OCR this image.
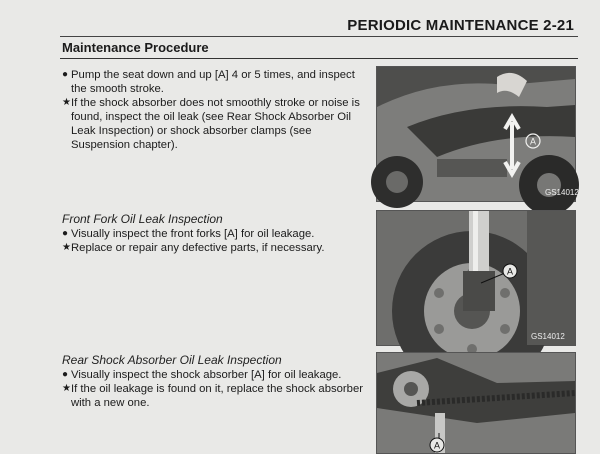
PERIODIC MAINTENANCE 2-21
Maintenance Procedure

● Pump the seat down and up [A] 4 or 5 times, and inspect the smooth stroke.

★ If the shock absorber does not smoothly stroke or noise is found, inspect the oil leak (see Rear Shock Absorber Oil Leak Inspection) or shock absorber clamps (see Suspension chapter).

Front Fork Oil Leak Inspection

● Visually inspect the front forks [A] for oil leakage.

★ Replace or repair any defective parts, if necessary.

Rear Shock Absorber Oil Leak Inspection

● Visually inspect the shock absorber [A] for oil leakage.

★ If the oil leakage is found on it, replace the shock absorber with a new one.

A
GS14012
A
GS14012
A
